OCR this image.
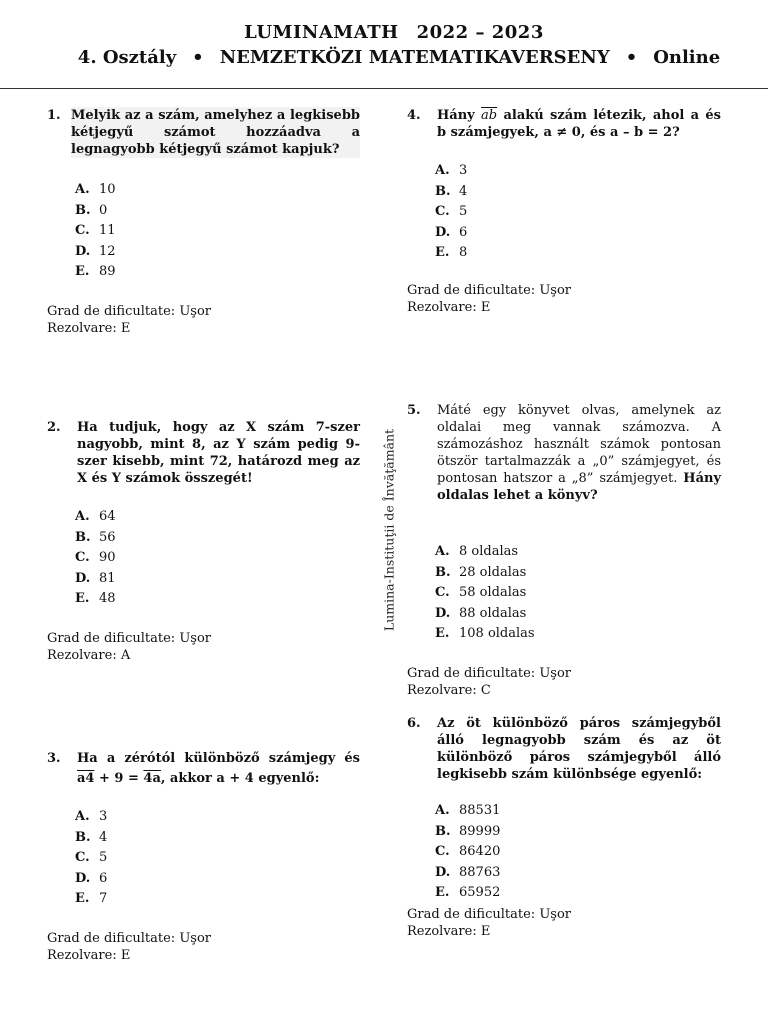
LUMINAMATH 2022 – 2023
4. Osztály • NEMZETKÖZI MATEMATIKAVERSENY • Online
Lumina-Instituţii de Învăţământ
1. Melyik az a szám, amelyhez a legkisebb kétjegyű számot hozzáadva a legnagyobb kétjegyű számot kapjuk?
A. 10
B. 0
C. 11
D. 12
E. 89
Grad de dificultate: Uşor
Rezolvare: E
2.	Ha tudjuk, hogy az X szám 7-szer nagyobb, mint 8, az Y szám pedig 9-szer kisebb, mint 72, határozd meg az X és Y számok összegét!
A. 64
B. 56
C. 90
D. 81
E. 48
Grad de dificultate: Uşor
Rezolvare: A
3.	Ha a zérótól különböző számjegy és
a4 + 9 = 4a, akkor a + 4 egyenlő:
A. 3
B. 4
C. 5
D. 6
E. 7
Grad de dificultate: Uşor
Rezolvare: E
4.	Hány $\overline{ab}$ alakú szám létezik, ahol a és b számjegyek, a ≠ 0, és a – b = 2?
A. 3
B. 4
C. 5
D. 6
E. 8
Grad de dificultate: Uşor
Rezolvare: E
5.	Máté egy könyvet olvas, amelynek az oldalai meg vannak számozva. A számozáshoz használt számok pontosan ötször tartalmazzák a „0” számjegyet, és pontosan hatszor a „8” számjegyet. Hány oldalas lehet a könyv?
A. 8 oldalas
B. 28 oldalas
C. 58 oldalas
D. 88 oldalas
E. 108 oldalas
Grad de dificultate: Uşor
Rezolvare: C
6.	Az öt különböző páros számjegyből álló legnagyobb szám és az öt különböző páros számjegyből álló legkisebb szám különbsége egyenlő:
A. 88531
B. 89999
C. 86420
D. 88763
E. 65952
Grad de dificultate: Uşor
Rezolvare: E
